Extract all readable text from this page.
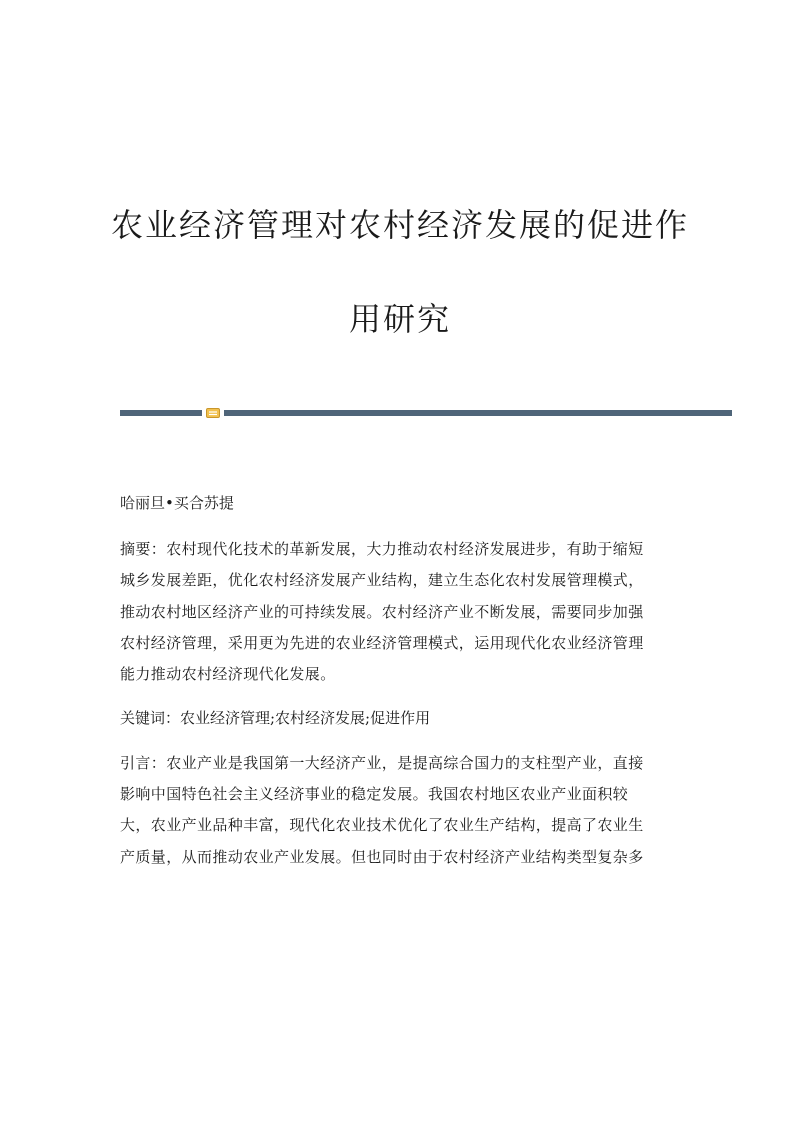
农业经济管理对农村经济发展的促进作
用研究

哈丽旦•买合苏提

摘要：农村现代化技术的革新发展，大力推动农村经济发展进步，有助于缩短
城乡发展差距，优化农村经济发展产业结构，建立生态化农村发展管理模式，
推动农村地区经济产业的可持续发展。农村经济产业不断发展，需要同步加强
农村经济管理，采用更为先进的农业经济管理模式，运用现代化农业经济管理
能力推动农村经济现代化发展。

关键词：农业经济管理;农村经济发展;促进作用

引言：农业产业是我国第一大经济产业，是提高综合国力的支柱型产业，直接
影响中国特色社会主义经济事业的稳定发展。我国农村地区农业产业面积较
大，农业产业品种丰富，现代化农业技术优化了农业生产结构，提高了农业生
产质量，从而推动农业产业发展。但也同时由于农村经济产业结构类型复杂多
